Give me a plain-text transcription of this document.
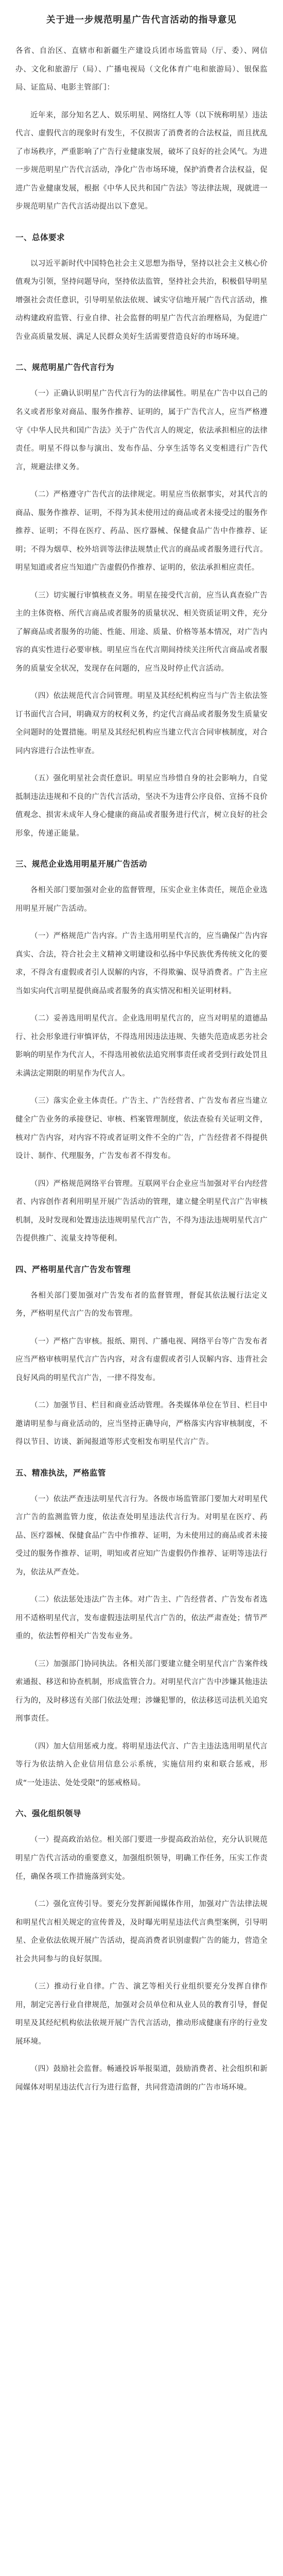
关于进一步规范明星广告代言活动的指导意见

各省、自治区、直辖市和新疆生产建设兵团市场监管局（厅、委）、网信办、文化和旅游厅（局）、广播电视局（文化体育广电和旅游局）、银保监局、证监局、电影主管部门：

近年来，部分知名艺人、娱乐明星、网络红人等（以下统称明星）违法代言、虚假代言的现象时有发生，不仅损害了消费者的合法权益，而且扰乱了市场秩序，严重影响了广告行业健康发展，破坏了良好的社会风气。为进一步规范明星广告代言活动，净化广告市场环境，保护消费者合法权益，促进广告业健康发展，根据《中华人民共和国广告法》等法律法规，现就进一步规范明星广告代言活动提出以下意见。

一、总体要求

以习近平新时代中国特色社会主义思想为指导，坚持以社会主义核心价值观为引领，坚持问题导向，坚持依法监管，坚持社会共治，积极倡导明星增强社会责任意识，引导明星依法依规、诚实守信地开展广告代言活动，推动构建政府监管、行业自律、社会监督的明星广告代言治理格局，为促进广告业高质量发展、满足人民群众美好生活需要营造良好的市场环境。

二、规范明星广告代言行为

（一）正确认识明星广告代言行为的法律属性。明星在广告中以自己的名义或者形象对商品、服务作推荐、证明的，属于广告代言人，应当严格遵守《中华人民共和国广告法》关于广告代言人的规定，依法承担相应的法律责任。明星不得以参与演出、发布作品、分享生活等名义变相进行广告代言，规避法律义务。

（二）严格遵守广告代言的法律规定。明星应当依据事实，对其代言的商品、服务作推荐、证明，不得为其未使用过的商品或者未接受过的服务作推荐、证明；不得在医疗、药品、医疗器械、保健食品广告中作推荐、证明；不得为烟草、校外培训等法律法规禁止代言的商品或者服务进行代言。明星知道或者应当知道广告虚假仍作推荐、证明的，依法承担相应责任。

（三）切实履行审慎核查义务。明星在接受代言前，应当认真查验广告主的主体资格、所代言商品或者服务的质量状况、相关资质证明文件，充分了解商品或者服务的功能、性能、用途、质量、价格等基本情况，对广告内容的真实性进行必要审核。明星应当在代言期间持续关注所代言商品或者服务的质量安全状况，发现存在问题的，应当及时停止代言活动。

（四）依法规范代言合同管理。明星及其经纪机构应当与广告主依法签订书面代言合同，明确双方的权利义务，约定代言商品或者服务发生质量安全问题时的处置措施。明星及其经纪机构应当建立代言合同审核制度，对合同内容进行合法性审查。

（五）强化明星社会责任意识。明星应当珍惜自身的社会影响力，自觉抵制违法违规和不良的广告代言活动，坚决不为违背公序良俗、宣扬不良价值观念、损害未成年人身心健康的商品或者服务进行代言，树立良好的社会形象，传递正能量。

三、规范企业选用明星开展广告活动

各相关部门要加强对企业的监督管理，压实企业主体责任，规范企业选用明星开展广告活动。

（一）严格规范广告内容。广告主选用明星代言的，应当确保广告内容真实、合法，符合社会主义精神文明建设和弘扬中华民族优秀传统文化的要求，不得含有虚假或者引人误解的内容，不得欺骗、误导消费者。广告主应当如实向代言明星提供商品或者服务的真实情况和相关证明材料。

（二）妥善选用明星代言。企业选用明星代言的，应当对明星的道德品行、社会形象进行审慎评估，不得选用因违法违规、失德失范造成恶劣社会影响的明星作为代言人，不得选用被依法追究刑事责任或者受到行政处罚且未满法定期限的明星作为代言人。

（三）落实企业主体责任。广告主、广告经营者、广告发布者应当建立健全广告业务的承接登记、审核、档案管理制度，依法查验有关证明文件，核对广告内容，对内容不符或者证明文件不全的广告，广告经营者不得提供设计、制作、代理服务，广告发布者不得发布。

（四）严格规范网络平台管理。互联网平台企业应当加强对平台内经营者、内容创作者利用明星开展广告活动的管理，建立健全明星代言广告审核机制，及时发现和处置违法违规明星代言广告，不得为违法违规明星代言广告提供推广、流量支持等便利。

四、严格明星代言广告发布管理

各相关部门要加强对广告发布者的监督管理，督促其依法履行法定义务，严格明星代言广告的发布管理。

（一）严格广告审核。报纸、期刊、广播电视、网络平台等广告发布者应当严格审核明星代言广告内容，对含有虚假或者引人误解内容、违背社会良好风尚的明星代言广告，一律不得发布。

（二）加强节目、栏目和商业活动管理。各类媒体单位在节目、栏目中邀请明星参与商业活动的，应当坚持正确导向，严格落实内容审核制度，不得以节目、访谈、新闻报道等形式变相发布明星代言广告。

五、精准执法，严格监管

（一）依法严查违法明星代言行为。各级市场监管部门要加大对明星代言广告的监测监管力度，依法查处明星违法代言行为。对明星在医疗、药品、医疗器械、保健食品广告中作推荐、证明，为未使用过的商品或者未接受过的服务作推荐、证明，明知或者应知广告虚假仍作推荐、证明等违法行为，依法从严查处。

（二）依法惩处违法广告主体。对广告主、广告经营者、广告发布者选用不适格明星代言，发布虚假违法明星代言广告的，依法严肃查处；情节严重的，依法暂停相关广告发布业务。

（三）加强部门协同执法。各相关部门要建立健全明星代言广告案件线索通报、移送和协查机制，形成监管合力。对明星代言广告中涉嫌其他违法行为的，及时移送有关部门依法处理；涉嫌犯罪的，依法移送司法机关追究刑事责任。

（四）加大信用惩戒力度。将明星违法代言、广告主违法选用明星代言等行为依法纳入企业信用信息公示系统，实施信用约束和联合惩戒，形成“一处违法、处处受限”的惩戒格局。

六、强化组织领导

（一）提高政治站位。相关部门要进一步提高政治站位，充分认识规范明星广告代言活动的重要意义，加强组织领导，明确工作任务，压实工作责任，确保各项工作措施落到实处。

（二）强化宣传引导。要充分发挥新闻媒体作用，加强对广告法律法规和明星代言相关规定的宣传普及，及时曝光明星违法代言典型案例，引导明星、企业依法依规开展广告活动，提高消费者识别虚假广告的能力，营造全社会共同参与的良好氛围。

（三）推动行业自律。广告、演艺等相关行业组织要充分发挥自律作用，制定完善行业自律规范，加强对会员单位和从业人员的教育引导，督促明星及其经纪机构依法依规开展广告代言活动，推动形成健康有序的行业发展环境。

（四）鼓励社会监督。畅通投诉举报渠道，鼓励消费者、社会组织和新闻媒体对明星违法代言行为进行监督，共同营造清朗的广告市场环境。
